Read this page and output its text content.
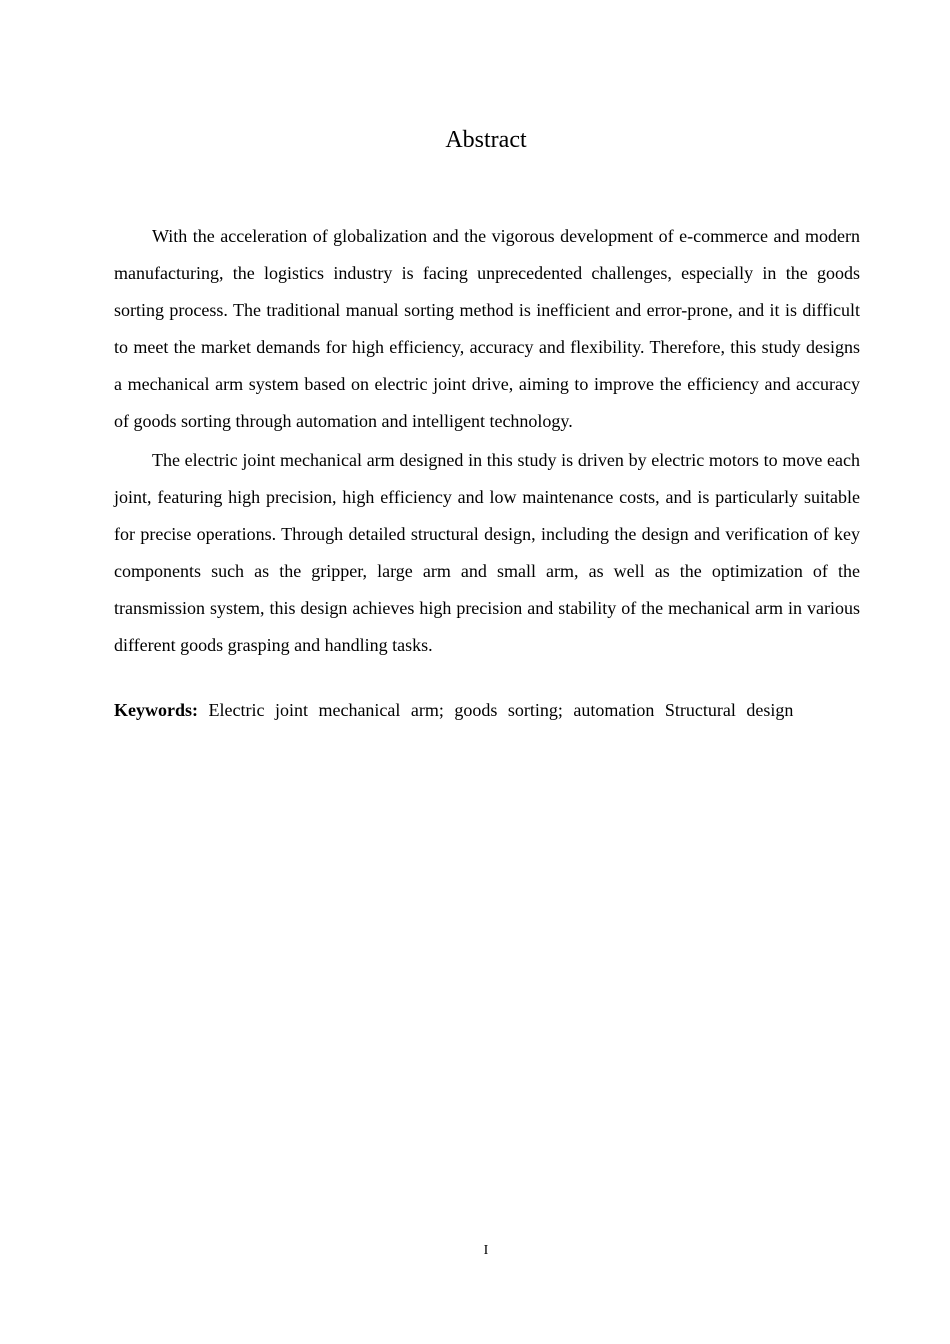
Abstract

With the acceleration of globalization and the vigorous development of e-commerce and modern manufacturing, the logistics industry is facing unprecedented challenges, especially in the goods sorting process. The traditional manual sorting method is inefficient and error-prone, and it is difficult to meet the market demands for high efficiency, accuracy and flexibility. Therefore, this study designs a mechanical arm system based on electric joint drive, aiming to improve the efficiency and accuracy of goods sorting through automation and intelligent technology.

The electric joint mechanical arm designed in this study is driven by electric motors to move each joint, featuring high precision, high efficiency and low maintenance costs, and is particularly suitable for precise operations. Through detailed structural design, including the design and verification of key components such as the gripper, large arm and small arm, as well as the optimization of the transmission system, this design achieves high precision and stability of the mechanical arm in various different goods grasping and handling tasks.

Keywords: Electric joint mechanical arm; goods sorting; automation Structural design

I
